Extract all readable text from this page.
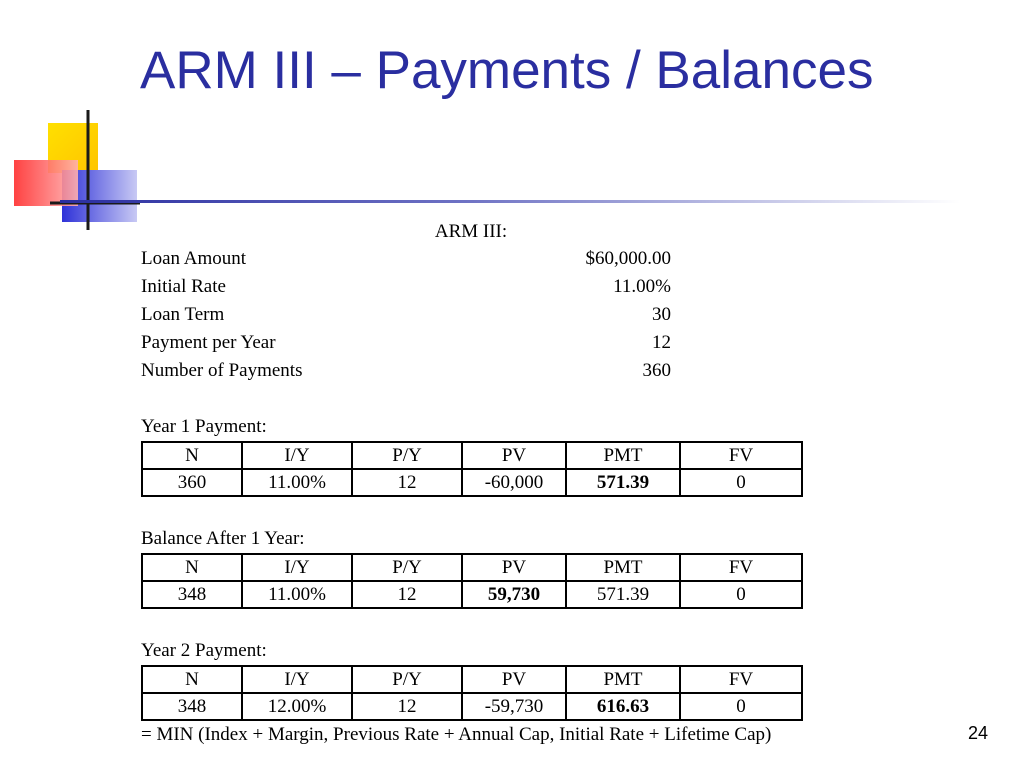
ARM III – Payments / Balances
ARM III:
Loan Amount	$60,000.00
Initial Rate	11.00%
Loan Term	30
Payment per Year	12
Number of Payments	360
Year 1 Payment:
N	I/Y	P/Y	PV	PMT	FV
360	11.00%	12	-60,000	571.39	0
Balance After 1 Year:
N	I/Y	P/Y	PV	PMT	FV
348	11.00%	12	59,730	571.39	0
Year 2 Payment:
N	I/Y	P/Y	PV	PMT	FV
348	12.00%	12	-59,730	616.63	0
= MIN (Index + Margin, Previous Rate + Annual Cap, Initial Rate + Lifetime Cap)	24
